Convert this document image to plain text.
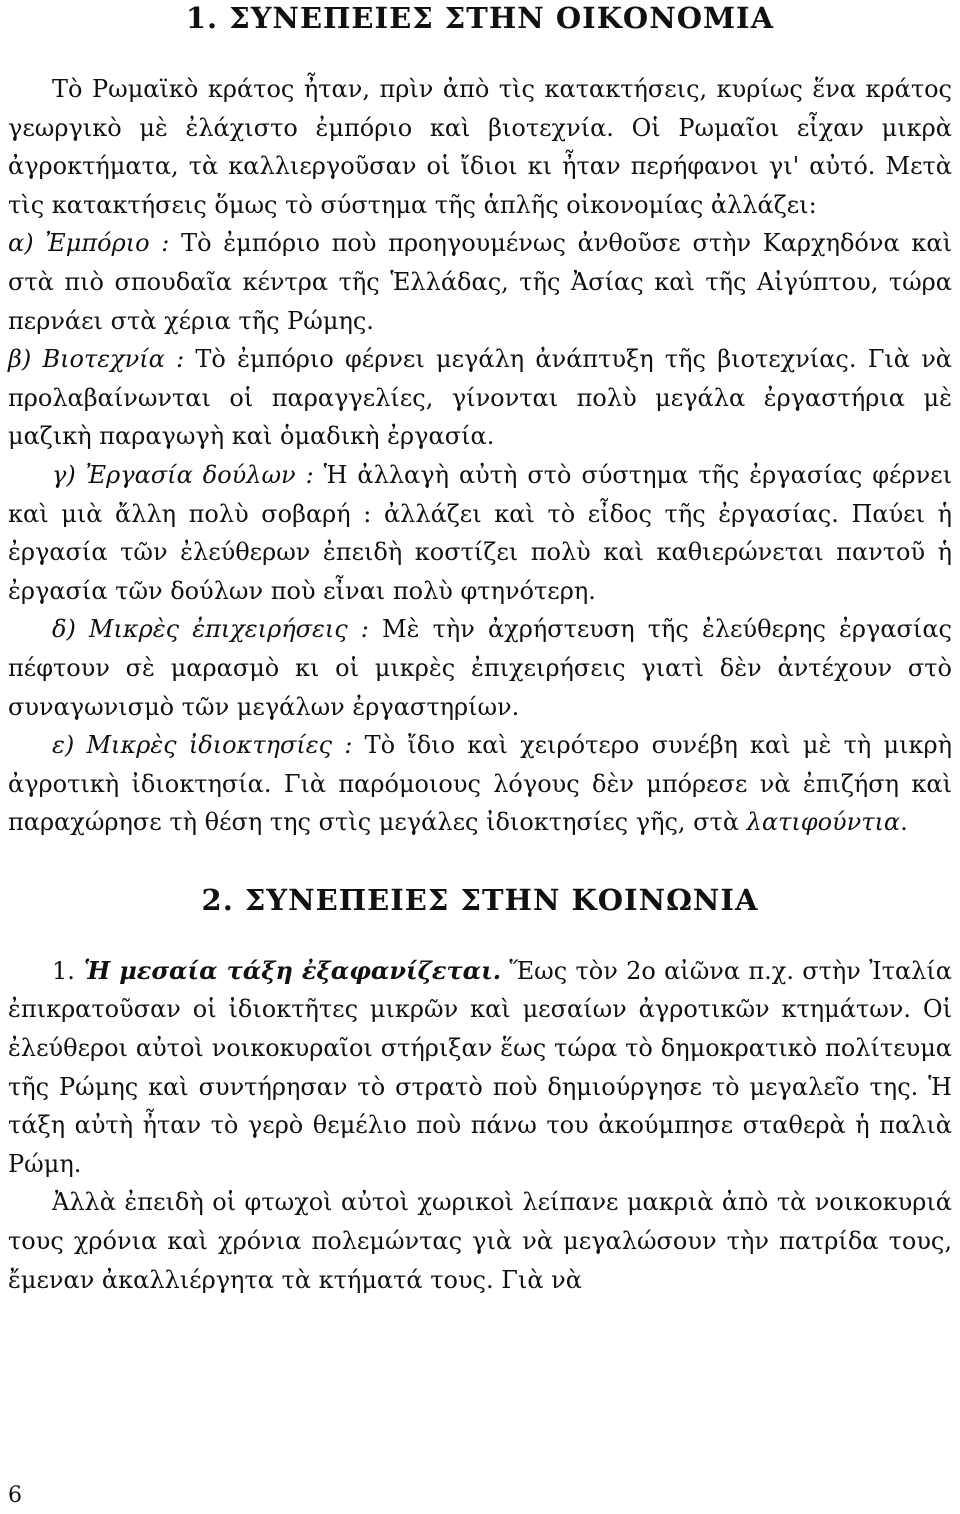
1. ΣΥΝΕΠΕΙΕΣ ΣΤΗΝ ΟΙΚΟΝΟΜΙΑ

Τὸ Ρωμαϊκὸ κράτος ἦταν, πρὶν ἀπὸ τὶς κατακτήσεις, κυρίως ἕνα κράτος γεωργικὸ μὲ ἐλάχιστο ἐμπόριο καὶ βιοτεχνία. Οἱ Ρωμαῖοι εἶχαν μικρὰ ἀγροκτήματα, τὰ καλλιεργοῦσαν οἱ ἴδιοι κι ἦταν περήφανοι γι' αὐτό. Μετὰ τὶς κατακτήσεις ὅμως τὸ σύστημα τῆς ἁπλῆς οἰκονομίας ἀλλάζει:

α) Ἐμπόριο : Τὸ ἐμπόριο ποὺ προηγουμένως ἀνθοῦσε στὴν Καρχηδόνα καὶ στὰ πιὸ σπουδαῖα κέντρα τῆς Ἑλλάδας, τῆς Ἀσίας καὶ τῆς Αἰγύπτου, τώρα περνάει στὰ χέρια τῆς Ρώμης.

β) Βιοτεχνία : Τὸ ἐμπόριο φέρνει μεγάλη ἀνάπτυξη τῆς βιοτεχνίας. Γιὰ νὰ προλαβαίνωνται οἱ παραγγελίες, γίνονται πολὺ μεγάλα ἐργαστήρια μὲ μαζικὴ παραγωγὴ καὶ ὁμαδικὴ ἐργασία.

γ) Ἐργασία δούλων : Ἡ ἀλλαγὴ αὐτὴ στὸ σύστημα τῆς ἐργασίας φέρνει καὶ μιὰ ἄλλη πολὺ σοβαρή : ἀλλάζει καὶ τὸ εἶδος τῆς ἐργασίας. Παύει ἡ ἐργασία τῶν ἐλεύθερων ἐπειδὴ κοστίζει πολὺ καὶ καθιερώνεται παντοῦ ἡ ἐργασία τῶν δούλων ποὺ εἶναι πολὺ φτηνότερη.

δ) Μικρὲς ἐπιχειρήσεις : Μὲ τὴν ἀχρήστευση τῆς ἐλεύθερης ἐργασίας πέφτουν σὲ μαρασμὸ κι οἱ μικρὲς ἐπιχειρήσεις γιατὶ δὲν ἀντέχουν στὸ συναγωνισμὸ τῶν μεγάλων ἐργαστηρίων.

ε) Μικρὲς ἰδιοκτησίες : Τὸ ἴδιο καὶ χειρότερο συνέβη καὶ μὲ τὴ μικρὴ ἀγροτικὴ ἰδιοκτησία. Γιὰ παρόμοιους λόγους δὲν μπόρεσε νὰ ἐπιζήση καὶ παραχώρησε τὴ θέση της στὶς μεγάλες ἰδιοκτησίες γῆς, στὰ λατιφούντια.

2. ΣΥΝΕΠΕΙΕΣ ΣΤΗΝ ΚΟΙΝΩΝΙΑ

1. Ἡ μεσαία τάξη ἐξαφανίζεται. Ἕως τὸν 2ο αἰῶνα π.χ. στὴν Ἰταλία ἐπικρατοῦσαν οἱ ἰδιοκτῆτες μικρῶν καὶ μεσαίων ἀγροτικῶν κτημάτων. Οἱ ἐλεύθεροι αὐτοὶ νοικοκυραῖοι στήριξαν ἕως τώρα τὸ δημοκρατικὸ πολίτευμα τῆς Ρώμης καὶ συντήρησαν τὸ στρατὸ ποὺ δημιούργησε τὸ μεγαλεῖο της. Ἡ τάξη αὐτὴ ἦταν τὸ γερὸ θεμέλιο ποὺ πάνω του ἀκούμπησε σταθερὰ ἡ παλιὰ Ρώμη.

Ἀλλὰ ἐπειδὴ οἱ φτωχοὶ αὐτοὶ χωρικοὶ λείπανε μακριὰ ἀπὸ τὰ νοικοκυριά τους χρόνια καὶ χρόνια πολεμώντας γιὰ νὰ μεγαλώσουν τὴν πατρίδα τους, ἔμεναν ἀκαλλιέργητα τὰ κτήματά τους. Γιὰ νὰ

6
